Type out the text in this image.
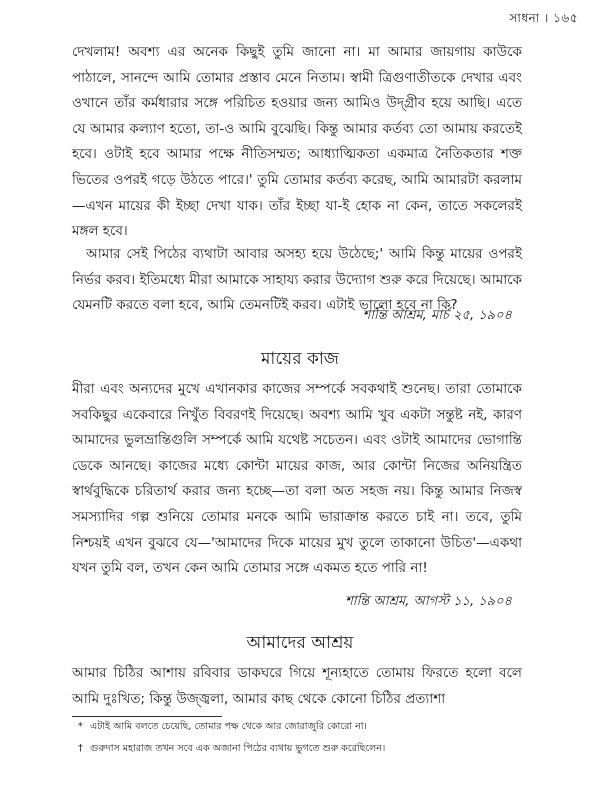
সাধনা । ১৬৫

দেখলাম! অবশ্য এর অনেক কিছুই তুমি জানো না। মা আমার জায়গায় কাউকে পাঠালে, সানন্দে আমি তোমার প্রস্তাব মেনে নিতাম। স্বামী ত্রিগুণাতীতকে দেখার এবং ওখানে তাঁর কর্মধারার সঙ্গে পরিচিত হওয়ার জন্য আমিও উদ্গ্রীব হয়ে আছি। এতে যে আমার কল্যাণ হতো, তা-ও আমি বুঝেছি। কিন্তু আমার কর্তব্য তো আমায় করতেই হবে। ওটাই হবে আমার পক্ষে নীতিসম্মত; আধ্যাত্মিকতা একমাত্র নৈতিকতার শক্ত ভিতের ওপরই গড়ে উঠতে পারে।' তুমি তোমার কর্তব্য করেছ, আমি আমারটা করলাম—এখন মায়ের কী ইচ্ছা দেখা যাক। তাঁর ইচ্ছা যা-ই হোক না কেন, তাতে সকলেরই মঙ্গল হবে।

আমার সেই পিঠের ব্যথাটা আবার অসহ্য হয়ে উঠেছে;' আমি কিন্তু মায়ের ওপরই নির্ভর করব। ইতিমধ্যে মীরা আমাকে সাহায্য করার উদ্যোগ শুরু করে দিয়েছে। আমাকে যেমনটি করতে বলা হবে, আমি তেমনটিই করব। এটাই ভালো হবে না কি?

শান্তি আশ্রম, মার্চ ২৫, ১৯০৪
মায়ের কাজ

মীরা এবং অন্যদের মুখে এখানকার কাজের সম্পর্কে সবকথাই শুনেছ। তারা তোমাকে সবকিছুর একেবারে নিখুঁত বিবরণই দিয়েছে। অবশ্য আমি খুব একটা সন্তুষ্ট নই, কারণ আমাদের ভুলভ্রান্তিগুলি সম্পর্কে আমি যথেষ্ট সচেতন। এবং ওটাই আমাদের ভোগান্তি ডেকে আনছে। কাজের মধ্যে কোন্টা মায়ের কাজ, আর কোন্টা নিজের অনিয়ন্ত্রিত স্বার্থবুদ্ধিকে চরিতার্থ করার জন্য হচ্ছে—তা বলা অত সহজ নয়। কিন্তু আমার নিজস্ব সমস্যাদির গল্প শুনিয়ে তোমার মনকে আমি ভারাক্রান্ত করতে চাই না। তবে, তুমি নিশ্চয়ই এখন বুঝবে যে—'আমাদের দিকে মায়ের মুখ তুলে তাকানো উচিত'—একথা যখন তুমি বল, তখন কেন আমি তোমার সঙ্গে একমত হতে পারি না!

শান্তি আশ্রম, আগস্ট ১১, ১৯০৪
আমাদের আশ্রয়

আমার চিঠির আশায় রবিবার ডাকঘরে গিয়ে শূন্যহাতে তোমায় ফিরতে হলো বলে আমি দুঃখিত; কিন্তু উজ্জ্বলা, আমার কাছ থেকে কোনো চিঠির প্রত্যাশা

* এটাই আমি বলতে চেয়েছি, তোমার পক্ষ থেকে আর জোরাজুরি কোরো না।
† গুরুদাস মহারাজ তখন সবে এক অজানা পিঠের ব্যথায় ভুগতে শুরু করেছিলেন।
